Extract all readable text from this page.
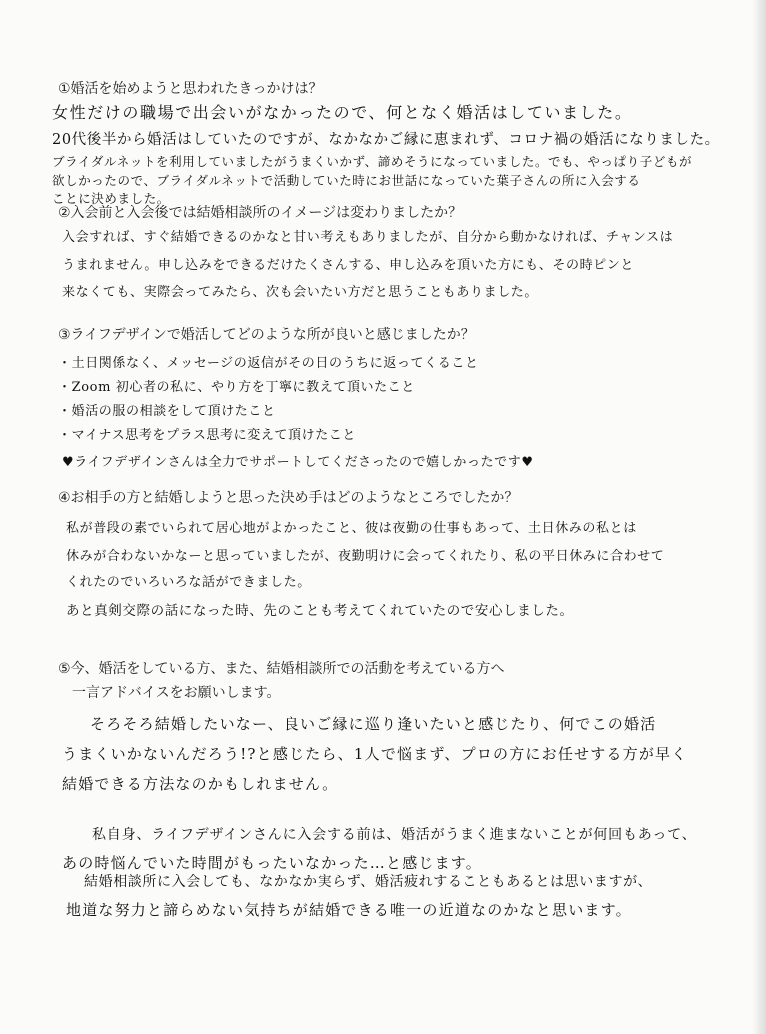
①婚活を始めようと思われたきっかけは？
女性だけの職場で出会いがなかったので、何となく婚活はしていました。
20代後半から婚活はしていたのですが、なかなかご縁に恵まれず、コロナ禍の婚活になりました。
ブライダルネットを利用していましたがうまくいかず、諦めそうになっていました。でも、やっぱり子どもが
欲しかったので、ブライダルネットで活動していた時にお世話になっていた葉子さんの所に入会する
ことに決めました。
②入会前と入会後では結婚相談所のイメージは変わりましたか？
入会すれば、すぐ結婚できるのかなと甘い考えもありましたが、自分から動かなければ、チャンスは
うまれません。申し込みをできるだけたくさんする、申し込みを頂いた方にも、その時ピンと
来なくても、実際会ってみたら、次も会いたい方だと思うこともありました。
③ライフデザインで婚活してどのような所が良いと感じましたか？
・土日関係なく、メッセージの返信がその日のうちに返ってくること
・Zoom 初心者の私に、やり方を丁寧に教えて頂いたこと
・婚活の服の相談をして頂けたこと
・マイナス思考をプラス思考に変えて頂けたこと
♥ライフデザインさんは全力でサポートしてくださったので嬉しかったです♥
④お相手の方と結婚しようと思った決め手はどのようなところでしたか？
私が普段の素でいられて居心地がよかったこと、彼は夜勤の仕事もあって、土日休みの私とは
休みが合わないかなーと思っていましたが、夜勤明けに会ってくれたり、私の平日休みに合わせて
くれたのでいろいろな話ができました。
あと真剣交際の話になった時、先のことも考えてくれていたので安心しました。
⑤今、婚活をしている方、また、結婚相談所での活動を考えている方へ
一言アドバイスをお願いします。
そろそろ結婚したいなー、良いご縁に巡り逢いたいと感じたり、何でこの婚活
うまくいかないんだろう!?と感じたら、1人で悩まず、プロの方にお任せする方が早く
結婚できる方法なのかもしれません。
私自身、ライフデザインさんに入会する前は、婚活がうまく進まないことが何回もあって、
あの時悩んでいた時間がもったいなかった…と感じます。
結婚相談所に入会しても、なかなか実らず、婚活疲れすることもあるとは思いますが、
地道な努力と諦らめない気持ちが結婚できる唯一の近道なのかなと思います。
